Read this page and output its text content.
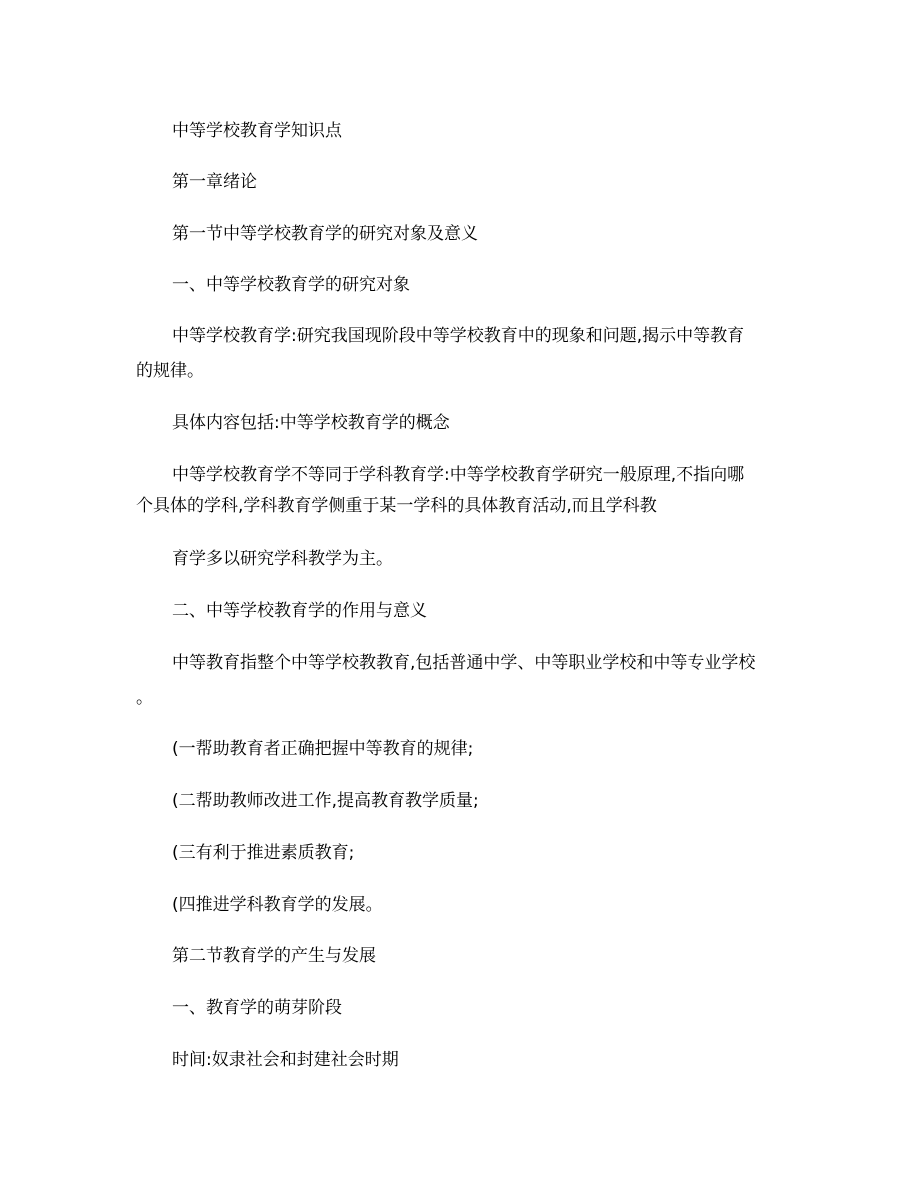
中等学校教育学知识点
第一章绪论
第一节中等学校教育学的研究对象及意义
一、中等学校教育学的研究对象
中等学校教育学:研究我国现阶段中等学校教育中的现象和问题,揭示中等教育
的规律。
具体内容包括:中等学校教育学的概念
中等学校教育学不等同于学科教育学:中等学校教育学研究一般原理,不指向哪
个具体的学科,学科教育学侧重于某一学科的具体教育活动,而且学科教
育学多以研究学科教学为主。
二、中等学校教育学的作用与意义
中等教育指整个中等学校教教育,包括普通中学、中等职业学校和中等专业学校
。
(一帮助教育者正确把握中等教育的规律;
(二帮助教师改进工作,提高教育教学质量;
(三有利于推进素质教育;
(四推进学科教育学的发展。
第二节教育学的产生与发展
一、教育学的萌芽阶段
时间:奴隶社会和封建社会时期
